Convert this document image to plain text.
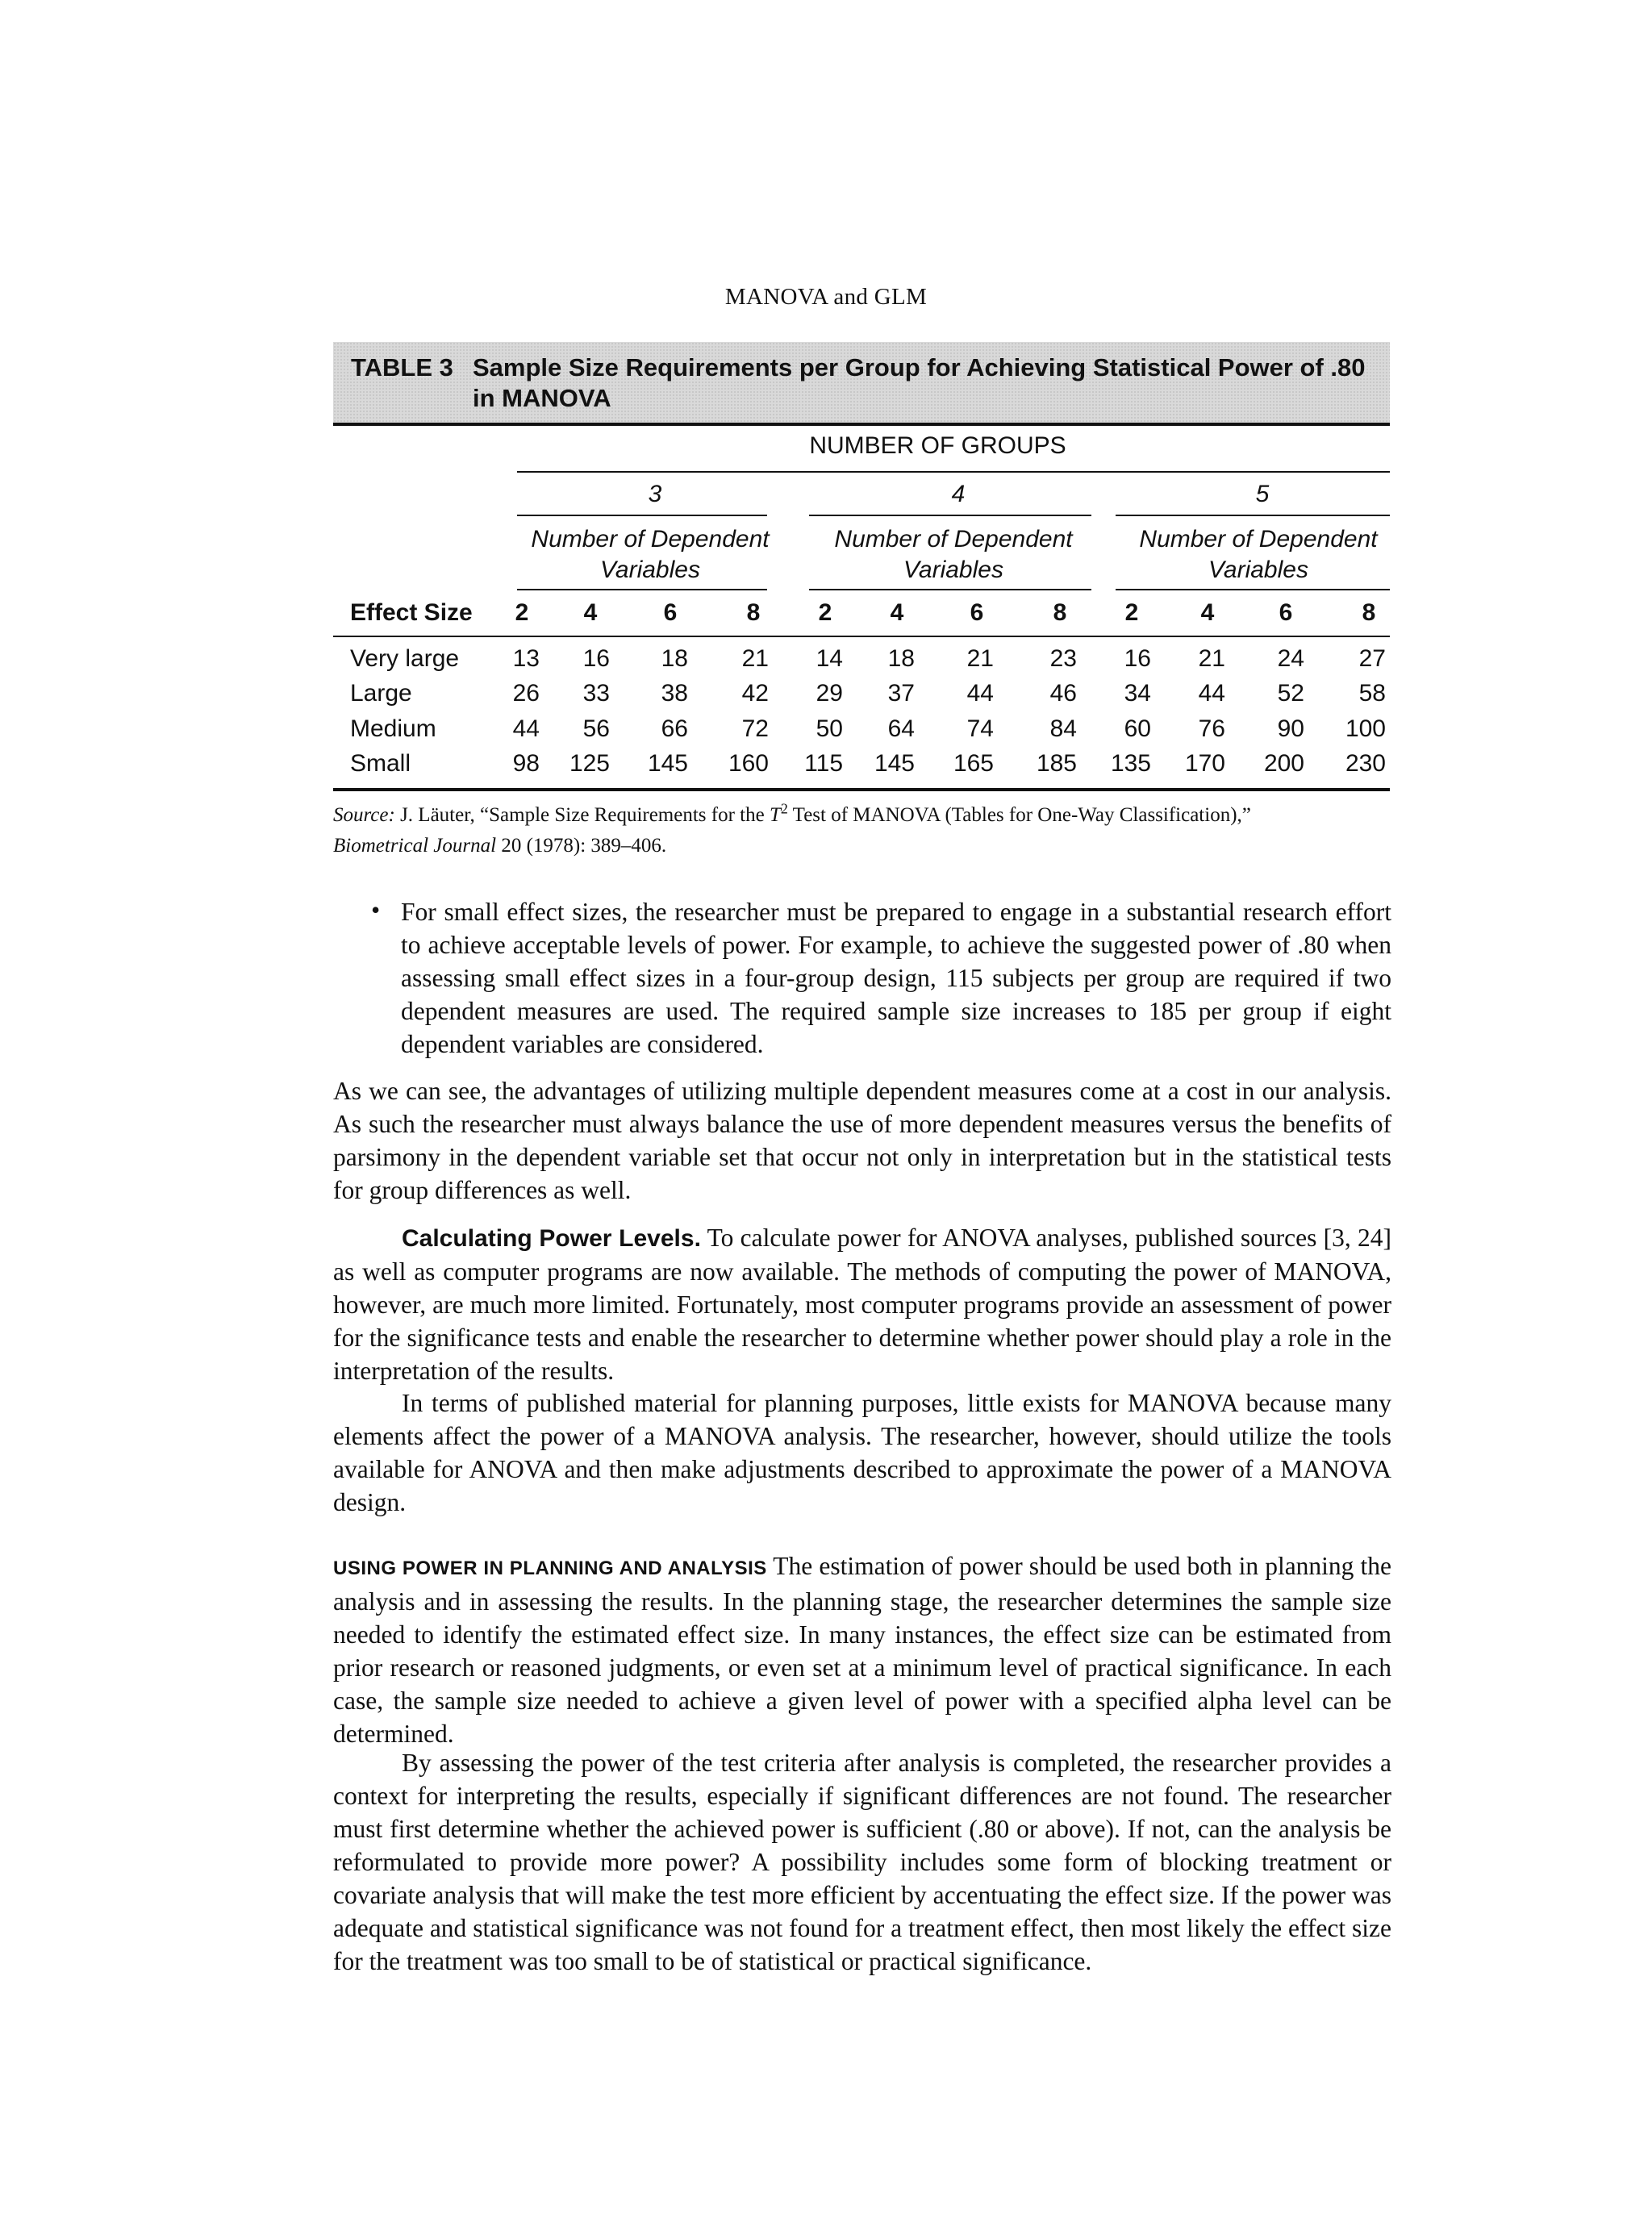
MANOVA and GLM
TABLE 3 Sample Size Requirements per Group for Achieving Statistical Power of .80 in MANOVA
NUMBER OF GROUPS
3	4	5
Number of Dependent Variables
Number of Dependent Variables
Number of Dependent Variables
Effect Size	2	4	6	8	2	4	6	8	2	4	6	8
Very large	13	16	18	21	14	18	21	23	16	21	24	27
Large	26	33	38	42	29	37	44	46	34	44	52	58
Medium	44	56	66	72	50	64	74	84	60	76	90	100
Small	98	125	145	160	115	145	165	185	135	170	200	230
Source: J. Läuter, “Sample Size Requirements for the $T^2$ Test of MANOVA (Tables for One-Way Classification),”
Biometrical Journal 20 (1978): 389–406.
• For small effect sizes, the researcher must be prepared to engage in a substantial research effort to achieve acceptable levels of power. For example, to achieve the suggested power of .80 when assessing small effect sizes in a four-group design, 115 subjects per group are required if two dependent measures are used. The required sample size increases to 185 per group if eight dependent variables are considered.
As we can see, the advantages of utilizing multiple dependent measures come at a cost in our analysis. As such the researcher must always balance the use of more dependent measures versus the benefits of parsimony in the dependent variable set that occur not only in interpretation but in the statistical tests for group differences as well.
Calculating Power Levels. To calculate power for ANOVA analyses, published sources [3, 24] as well as computer programs are now available. The methods of computing the power of MANOVA, however, are much more limited. Fortunately, most computer programs provide an assessment of power for the significance tests and enable the researcher to determine whether power should play a role in the interpretation of the results.
In terms of published material for planning purposes, little exists for MANOVA because many elements affect the power of a MANOVA analysis. The researcher, however, should utilize the tools available for ANOVA and then make adjustments described to approximate the power of a MANOVA design.
USING POWER IN PLANNING AND ANALYSIS The estimation of power should be used both in planning the analysis and in assessing the results. In the planning stage, the researcher determines the sample size needed to identify the estimated effect size. In many instances, the effect size can be estimated from prior research or reasoned judgments, or even set at a minimum level of practical significance. In each case, the sample size needed to achieve a given level of power with a specified alpha level can be determined.
By assessing the power of the test criteria after analysis is completed, the researcher provides a context for interpreting the results, especially if significant differences are not found. The researcher must first determine whether the achieved power is sufficient (.80 or above). If not, can the analysis be reformulated to provide more power? A possibility includes some form of blocking treatment or covariate analysis that will make the test more efficient by accentuating the effect size. If the power was adequate and statistical significance was not found for a treatment effect, then most likely the effect size for the treatment was too small to be of statistical or practical significance.
